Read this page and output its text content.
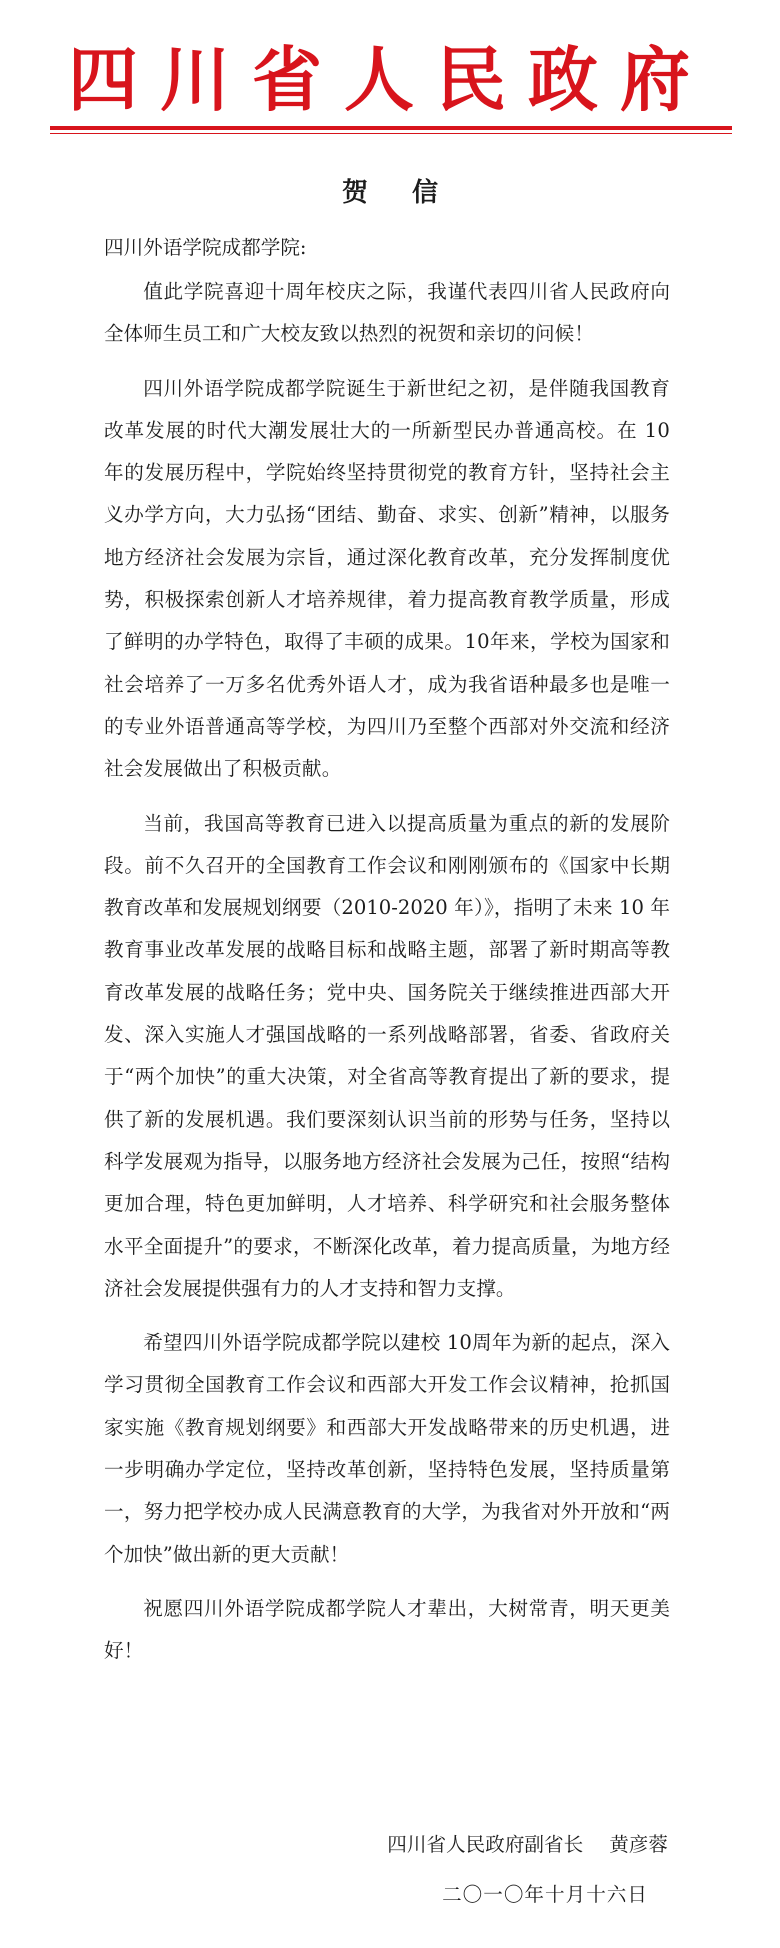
四川省人民政府
贺信

四川外语学院成都学院:

值此学院喜迎十周年校庆之际，我谨代表四川省人民政府向全体师生员工和广大校友致以热烈的祝贺和亲切的问候！

四川外语学院成都学院诞生于新世纪之初，是伴随我国教育改革发展的时代大潮发展壮大的一所新型民办普通高校。在 10 年的发展历程中，学院始终坚持贯彻党的教育方针，坚持社会主义办学方向，大力弘扬“团结、勤奋、求实、创新”精神，以服务地方经济社会发展为宗旨，通过深化教育改革，充分发挥制度优势，积极探索创新人才培养规律，着力提高教育教学质量，形成了鲜明的办学特色，取得了丰硕的成果。10年来，学校为国家和社会培养了一万多名优秀外语人才，成为我省语种最多也是唯一的专业外语普通高等学校，为四川乃至整个西部对外交流和经济社会发展做出了积极贡献。

当前，我国高等教育已进入以提高质量为重点的新的发展阶段。前不久召开的全国教育工作会议和刚刚颁布的《国家中长期教育改革和发展规划纲要（2010-2020 年）》，指明了未来 10 年教育事业改革发展的战略目标和战略主题，部署了新时期高等教育改革发展的战略任务；党中央、国务院关于继续推进西部大开发、深入实施人才强国战略的一系列战略部署，省委、省政府关于“两个加快”的重大决策，对全省高等教育提出了新的要求，提供了新的发展机遇。我们要深刻认识当前的形势与任务，坚持以科学发展观为指导，以服务地方经济社会发展为己任，按照“结构更加合理，特色更加鲜明，人才培养、科学研究和社会服务整体水平全面提升”的要求，不断深化改革，着力提高质量，为地方经济社会发展提供强有力的人才支持和智力支撑。

希望四川外语学院成都学院以建校 10周年为新的起点，深入学习贯彻全国教育工作会议和西部大开发工作会议精神，抢抓国家实施《教育规划纲要》和西部大开发战略带来的历史机遇，进一步明确办学定位，坚持改革创新，坚持特色发展，坚持质量第一，努力把学校办成人民满意教育的大学，为我省对外开放和“两个加快”做出新的更大贡献！

祝愿四川外语学院成都学院人才辈出，大树常青，明天更美好！

四川省人民政府副省长 黄彦蓉
二〇一〇年十月十六日
